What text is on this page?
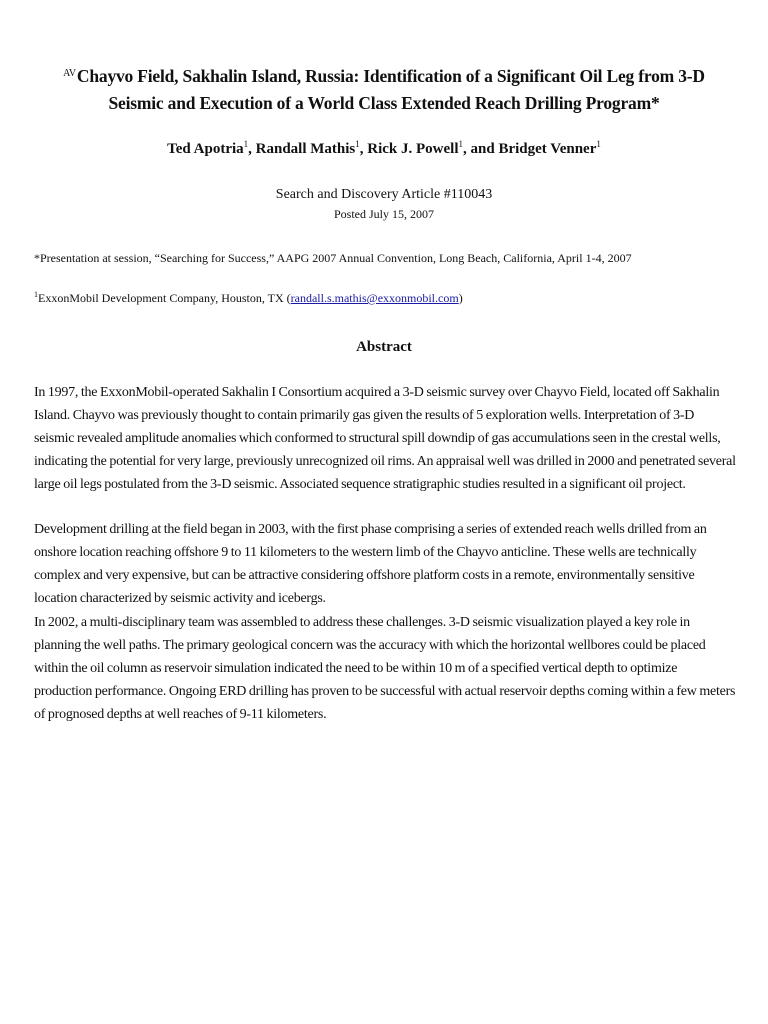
$^{AV}$Chayvo Field, Sakhalin Island, Russia: Identification of a Significant Oil Leg from 3-D Seismic and Execution of a World Class Extended Reach Drilling Program*
Ted Apotria$^1$, Randall Mathis$^1$, Rick J. Powell$^1$, and Bridget Venner$^1$
Search and Discovery Article #110043
Posted July 15, 2007
*Presentation at session, “Searching for Success,” AAPG 2007 Annual Convention, Long Beach, California, April 1-4, 2007
$^1$ExxonMobil Development Company, Houston, TX (randall.s.mathis@exxonmobil.com)
Abstract
In 1997, the ExxonMobil-operated Sakhalin I Consortium acquired a 3-D seismic survey over Chayvo Field, located off Sakhalin Island. Chayvo was previously thought to contain primarily gas given the results of 5 exploration wells. Interpretation of 3-D seismic revealed amplitude anomalies which conformed to structural spill downdip of gas accumulations seen in the crestal wells, indicating the potential for very large, previously unrecognized oil rims. An appraisal well was drilled in 2000 and penetrated several large oil legs postulated from the 3-D seismic. Associated sequence stratigraphic studies resulted in a significant oil project.
Development drilling at the field began in 2003, with the first phase comprising a series of extended reach wells drilled from an onshore location reaching offshore 9 to 11 kilometers to the western limb of the Chayvo anticline. These wells are technically complex and very expensive, but can be attractive considering offshore platform costs in a remote, environmentally sensitive location characterized by seismic activity and icebergs.
In 2002, a multi-disciplinary team was assembled to address these challenges. 3-D seismic visualization played a key role in planning the well paths. The primary geological concern was the accuracy with which the horizontal wellbores could be placed within the oil column as reservoir simulation indicated the need to be within 10 m of a specified vertical depth to optimize production performance. Ongoing ERD drilling has proven to be successful with actual reservoir depths coming within a few meters of prognosed depths at well reaches of 9-11 kilometers.
